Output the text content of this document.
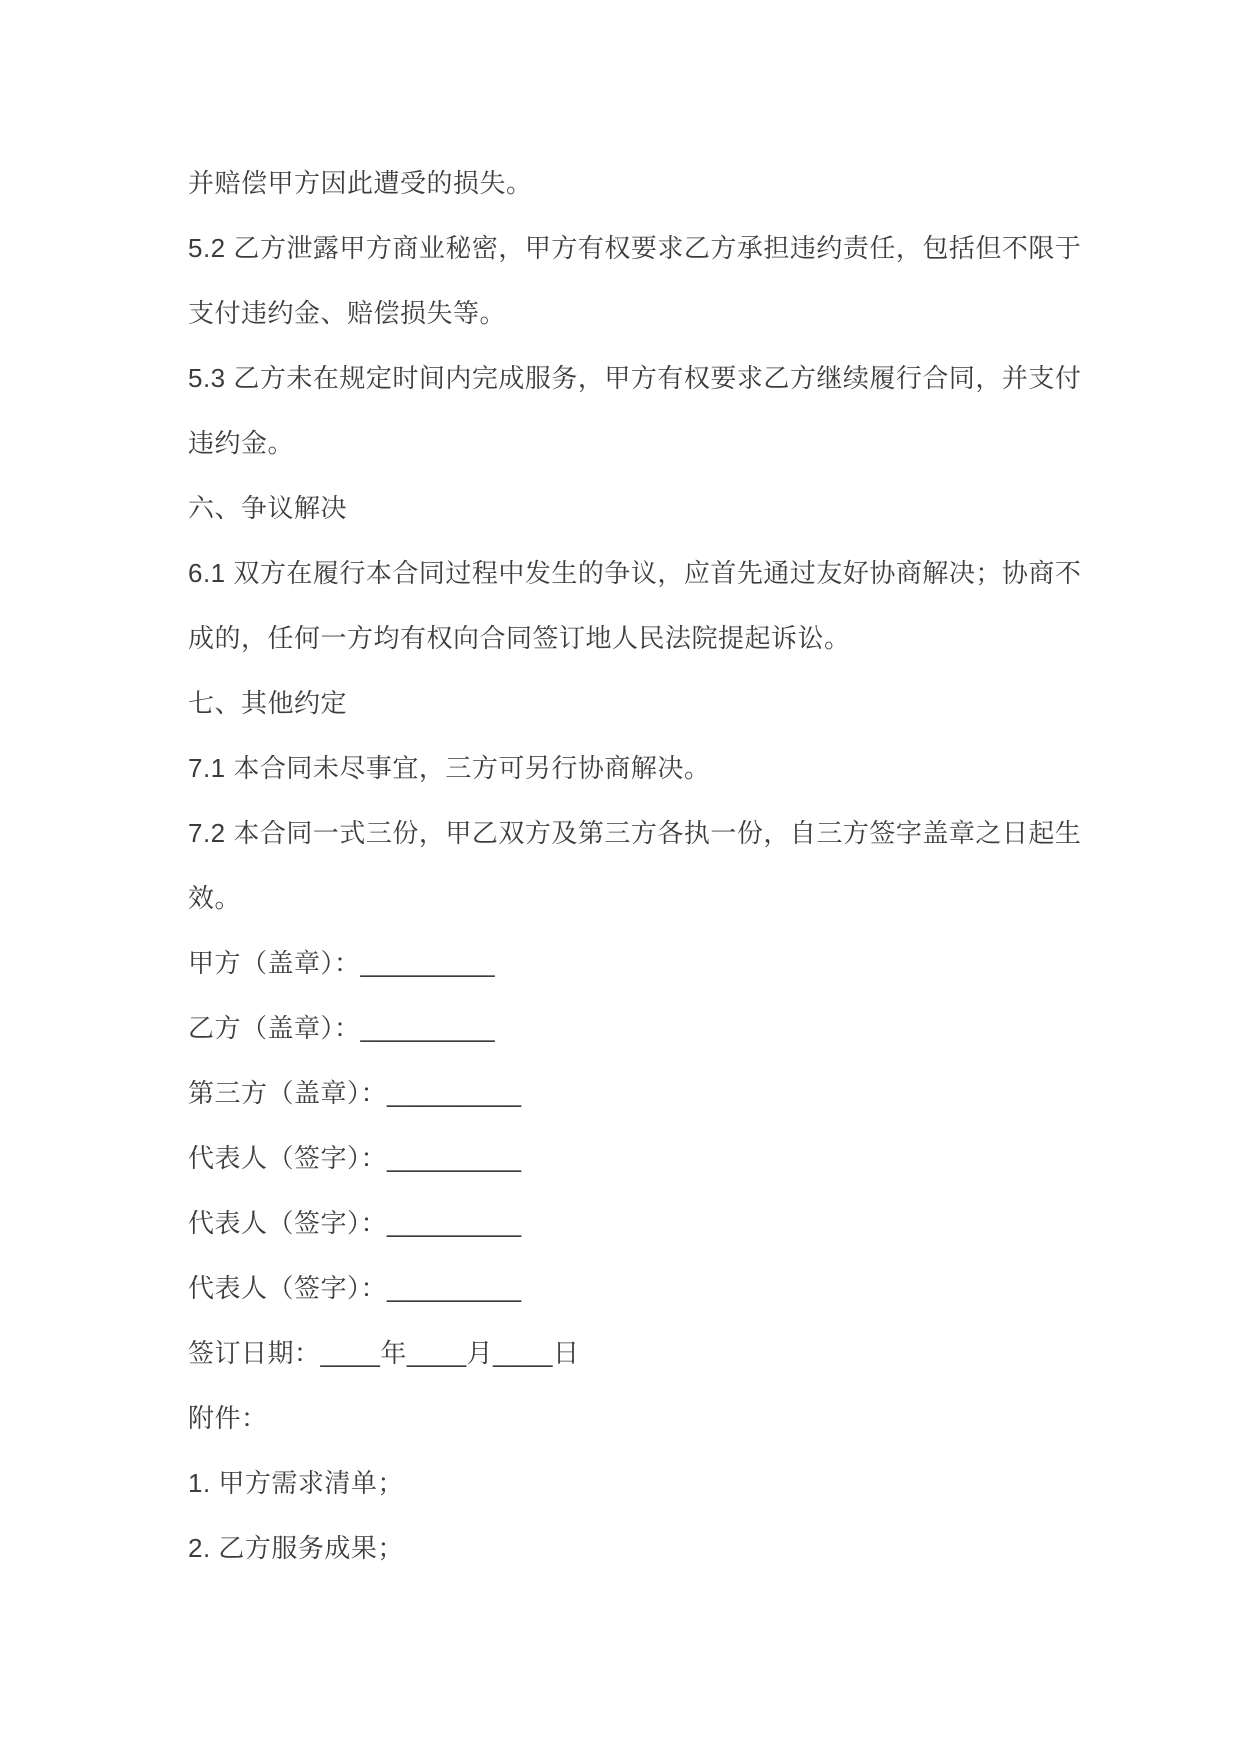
并赔偿甲方因此遭受的损失。
5.2 乙方泄露甲方商业秘密，甲方有权要求乙方承担违约责任，包括但不限于
支付违约金、赔偿损失等。
5.3 乙方未在规定时间内完成服务，甲方有权要求乙方继续履行合同，并支付
违约金。
六、争议解决
6.1 双方在履行本合同过程中发生的争议，应首先通过友好协商解决；协商不
成的，任何一方均有权向合同签订地人民法院提起诉讼。
七、其他约定
7.1 本合同未尽事宜，三方可另行协商解决。
7.2 本合同一式三份，甲乙双方及第三方各执一份，自三方签字盖章之日起生
效。
甲方（盖章）：_________
乙方（盖章）：_________
第三方（盖章）：_________
代表人（签字）：_________
代表人（签字）：_________
代表人（签字）：_________
签订日期：____年____月____日
附件：
1. 甲方需求清单；
2. 乙方服务成果；
